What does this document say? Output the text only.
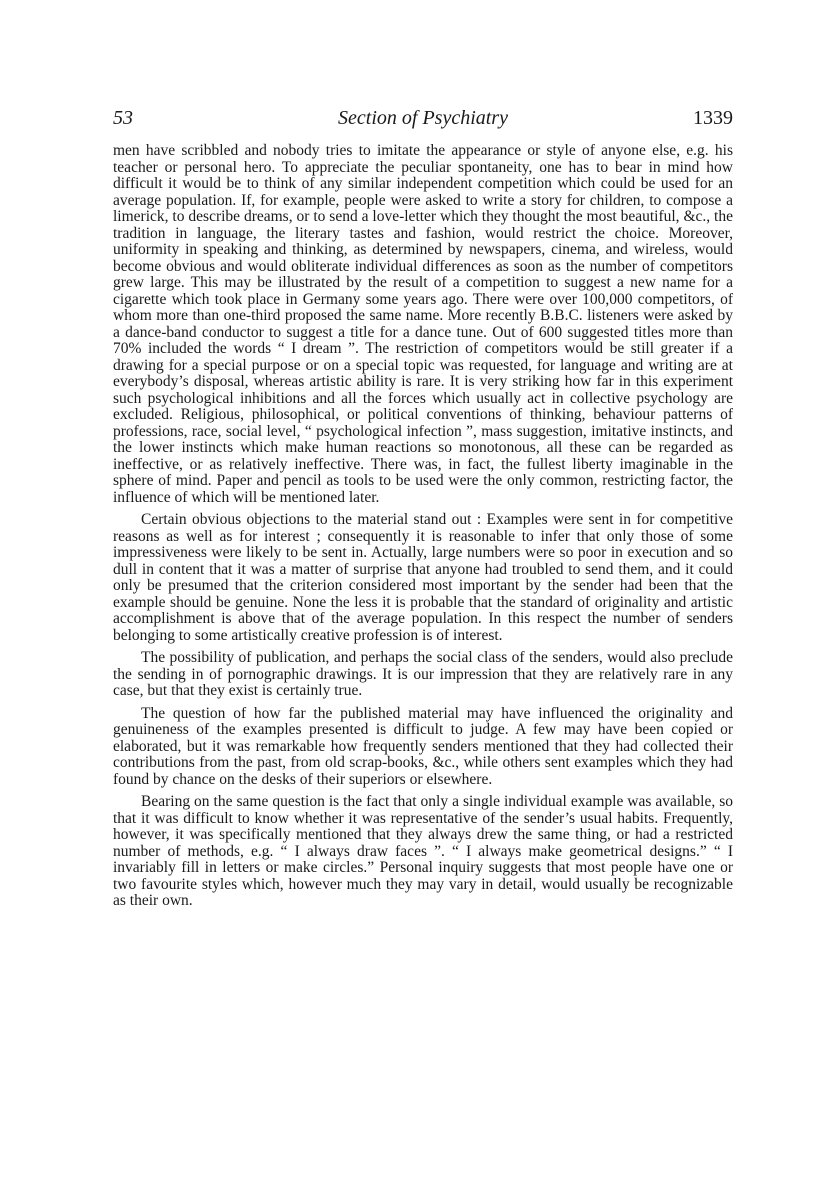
Section of Psychiatry
53	1339

men have scribbled and nobody tries to imitate the appearance or style of anyone else, e.g. his teacher or personal hero. To appreciate the peculiar spontaneity, one has to bear in mind how difficult it would be to think of any similar independent competition which could be used for an average population. If, for example, people were asked to write a story for children, to compose a limerick, to describe dreams, or to send a love-letter which they thought the most beautiful, &c., the tradition in language, the literary tastes and fashion, would restrict the choice. Moreover, uniformity in speaking and thinking, as determined by newspapers, cinema, and wireless, would become obvious and would obliterate individual differences as soon as the number of competitors grew large. This may be illustrated by the result of a competition to suggest a new name for a cigarette which took place in Germany some years ago. There were over 100,000 competitors, of whom more than one-third proposed the same name. More recently B.B.C. listeners were asked by a dance-band conductor to suggest a title for a dance tune. Out of 600 suggested titles more than 70% included the words “ I dream ”. The restriction of competitors would be still greater if a drawing for a special purpose or on a special topic was requested, for language and writing are at everybody’s disposal, whereas artistic ability is rare. It is very striking how far in this experiment such psychological inhibitions and all the forces which usually act in collective psychology are excluded. Religious, philosophical, or political conventions of thinking, behaviour patterns of professions, race, social level, “ psychological infection ”, mass suggestion, imitative instincts, and the lower instincts which make human reactions so monotonous, all these can be regarded as ineffective, or as relatively ineffective. There was, in fact, the fullest liberty imaginable in the sphere of mind. Paper and pencil as tools to be used were the only common, restricting factor, the influence of which will be mentioned later.

Certain obvious objections to the material stand out : Examples were sent in for competitive reasons as well as for interest ; consequently it is reasonable to infer that only those of some impressiveness were likely to be sent in. Actually, large numbers were so poor in execution and so dull in content that it was a matter of surprise that anyone had troubled to send them, and it could only be presumed that the criterion considered most important by the sender had been that the example should be genuine. None the less it is probable that the standard of originality and artistic accomplishment is above that of the average population. In this respect the number of senders belonging to some artistically creative profession is of interest.

The possibility of publication, and perhaps the social class of the senders, would also preclude the sending in of pornographic drawings. It is our impression that they are relatively rare in any case, but that they exist is certainly true.

The question of how far the published material may have influenced the originality and genuineness of the examples presented is difficult to judge. A few may have been copied or elaborated, but it was remarkable how frequently senders mentioned that they had collected their contributions from the past, from old scrap-books, &c., while others sent examples which they had found by chance on the desks of their superiors or elsewhere.

Bearing on the same question is the fact that only a single individual example was available, so that it was difficult to know whether it was representative of the sender’s usual habits. Frequently, however, it was specifically mentioned that they always drew the same thing, or had a restricted number of methods, e.g. “ I always draw faces ”. “ I always make geometrical designs.” “ I invariably fill in letters or make circles.” Personal inquiry suggests that most people have one or two favourite styles which, however much they may vary in detail, would usually be recognizable as their own.
